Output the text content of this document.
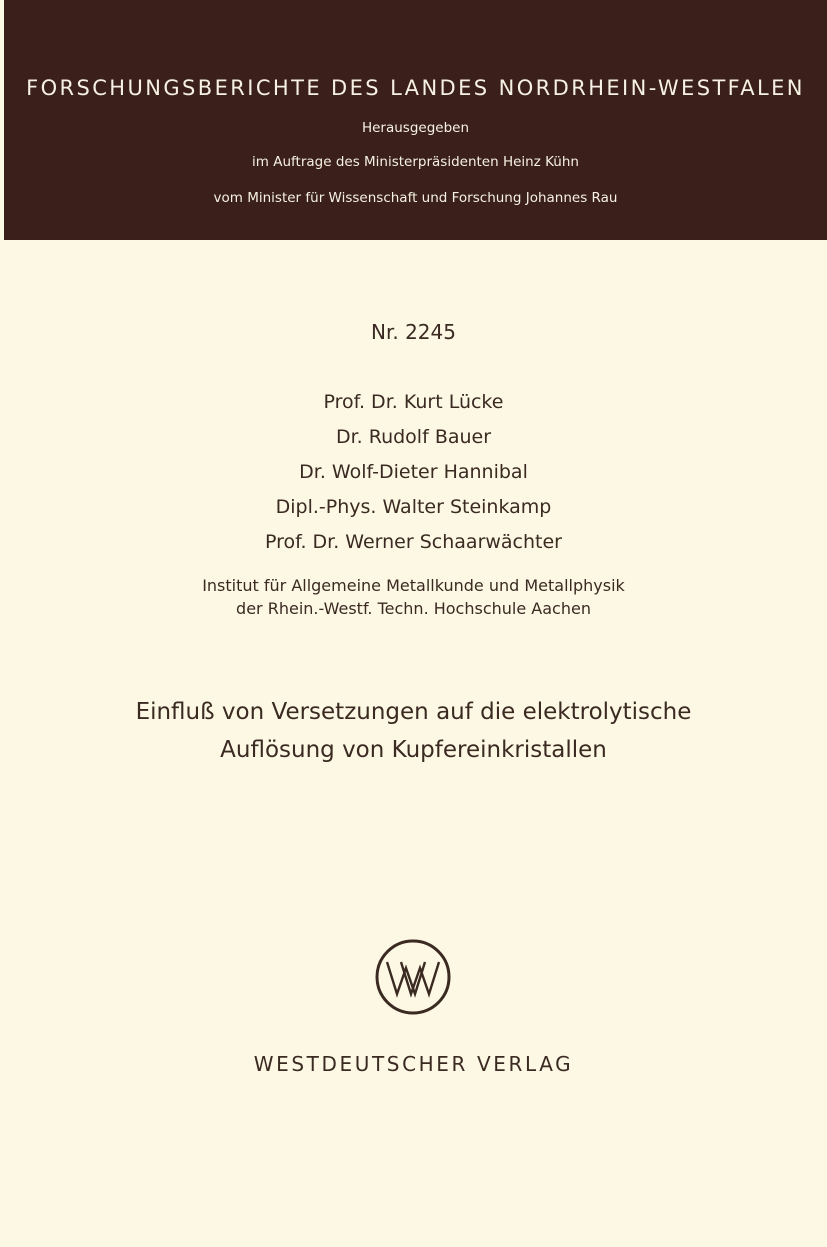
FORSCHUNGSBERICHTE DES LANDES NORDRHEIN-WESTFALEN
Herausgegeben
im Auftrage des Ministerpräsidenten Heinz Kühn
vom Minister für Wissenschaft und Forschung Johannes Rau
Nr. 2245
Prof. Dr. Kurt Lücke
Dr. Rudolf Bauer
Dr. Wolf-Dieter Hannibal
Dipl.-Phys. Walter Steinkamp
Prof. Dr. Werner Schaarwächter
Institut für Allgemeine Metallkunde und Metallphysik
der Rhein.-Westf. Techn. Hochschule Aachen
Einfluß von Versetzungen auf die elektrolytische
Auflösung von Kupfereinkristallen
WESTDEUTSCHER VERLAG
